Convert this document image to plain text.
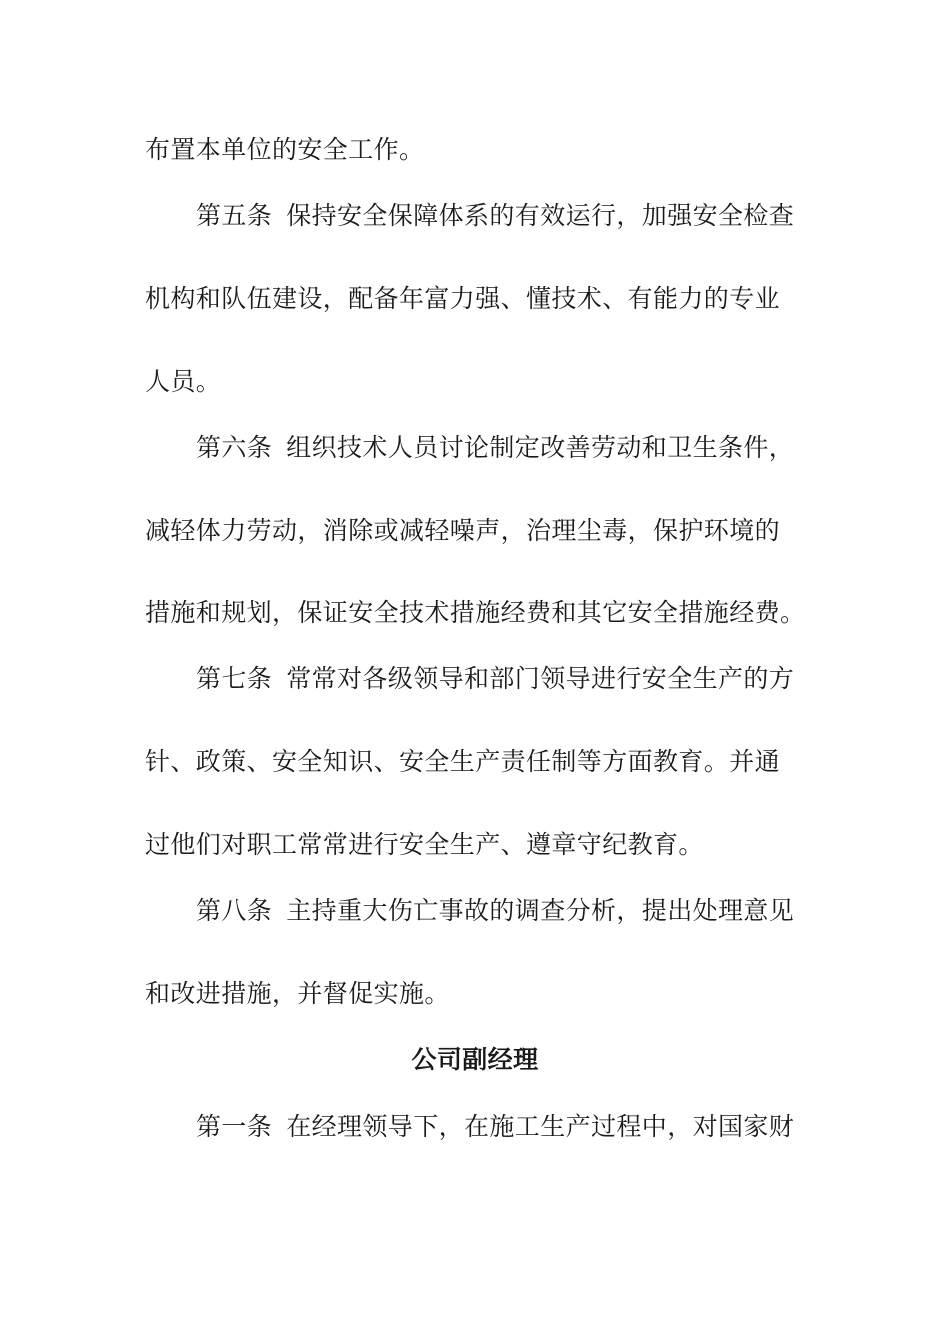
布置本单位的安全工作。
第五条 保持安全保障体系的有效运行，加强安全检查
机构和队伍建设，配备年富力强、懂技术、有能力的专业
人员。
第六条 组织技术人员讨论制定改善劳动和卫生条件，
减轻体力劳动，消除或减轻噪声，治理尘毒，保护环境的
措施和规划，保证安全技术措施经费和其它安全措施经费。
第七条 常常对各级领导和部门领导进行安全生产的方
针、政策、安全知识、安全生产责任制等方面教育。并通
过他们对职工常常进行安全生产、遵章守纪教育。
第八条 主持重大伤亡事故的调查分析，提出处理意见
和改进措施，并督促实施。
公司副经理
第一条 在经理领导下，在施工生产过程中，对国家财
